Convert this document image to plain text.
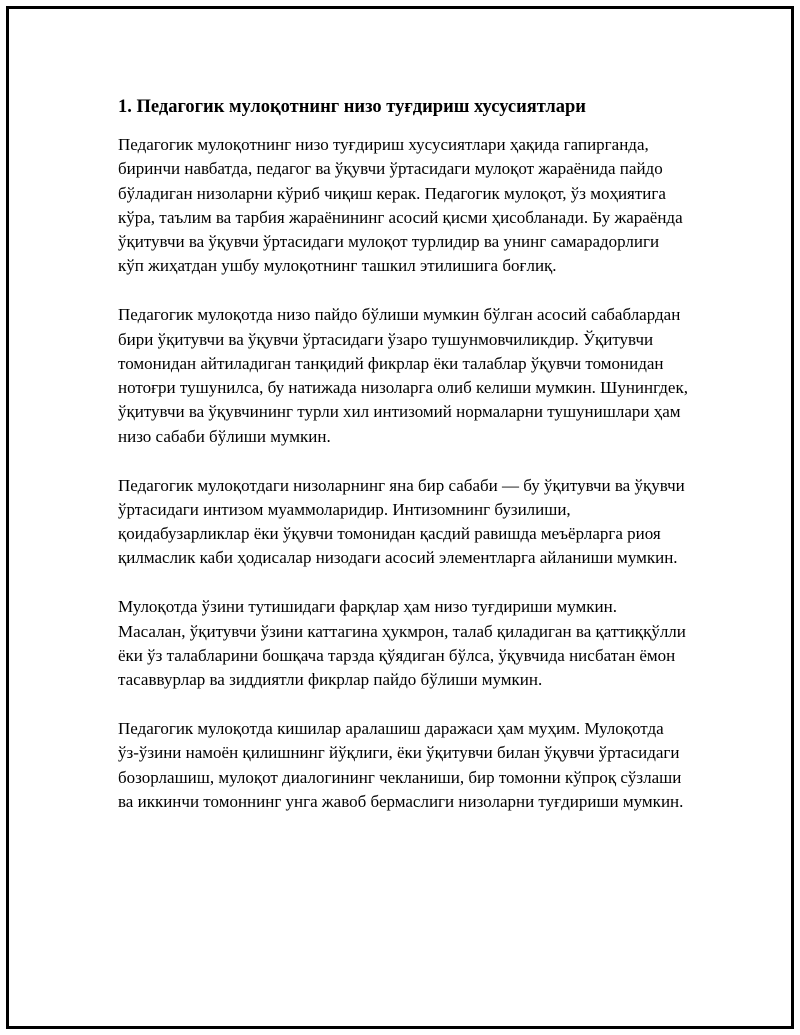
1. Педагогик мулоқотнинг низо туғдириш хусусиятлари

Педагогик мулоқотнинг низо туғдириш хусусиятлари ҳақида гапирганда, биринчи навбатда, педагог ва ўқувчи ўртасидаги мулоқот жараёнида пайдо бўладиган низоларни кўриб чиқиш керак. Педагогик мулоқот, ўз моҳиятига кўра, таълим ва тарбия жараёнининг асосий қисми ҳисобланади. Бу жараёнда ўқитувчи ва ўқувчи ўртасидаги мулоқот турлидир ва унинг самарадорлиги кўп жиҳатдан ушбу мулоқотнинг ташкил этилишига боғлиқ.

Педагогик мулоқотда низо пайдо бўлиши мумкин бўлган асосий сабаблардан бири ўқитувчи ва ўқувчи ўртасидаги ўзаро тушунмовчиликдир. Ўқитувчи томонидан айтиладиган танқидий фикрлар ёки талаблар ўқувчи томонидан нотоғри тушунилса, бу натижада низоларга олиб келиши мумкин. Шунингдек, ўқитувчи ва ўқувчининг турли хил интизомий нормаларни тушунишлари ҳам низо сабаби бўлиши мумкин.

Педагогик мулоқотдаги низоларнинг яна бир сабаби — бу ўқитувчи ва ўқувчи ўртасидаги интизом муаммоларидир. Интизомнинг бузилиши, қоидабузарликлар ёки ўқувчи томонидан қасдий равишда меъёрларга риоя қилмаслик каби ҳодисалар низодаги асосий элементларга айланиши мумкин.

Мулоқотда ўзини тутишидаги фарқлар ҳам низо туғдириши мумкин. Масалан, ўқитувчи ўзини каттагина ҳукмрон, талаб қиладиган ва қаттиққўлли ёки ўз талабларини бошқача тарзда қўядиган бўлса, ўқувчида нисбатан ёмон тасаввурлар ва зиддиятли фикрлар пайдо бўлиши мумкин.

Педагогик мулоқотда кишилар аралашиш даражаси ҳам муҳим. Мулоқотда ўз-ўзини намоён қилишнинг йўқлиги, ёки ўқитувчи билан ўқувчи ўртасидаги бозорлашиш, мулоқот диалогининг чекланиши, бир томонни кўпроқ сўзлаши ва иккинчи томоннинг унга жавоб бермаслиги низоларни туғдириши мумкин.
